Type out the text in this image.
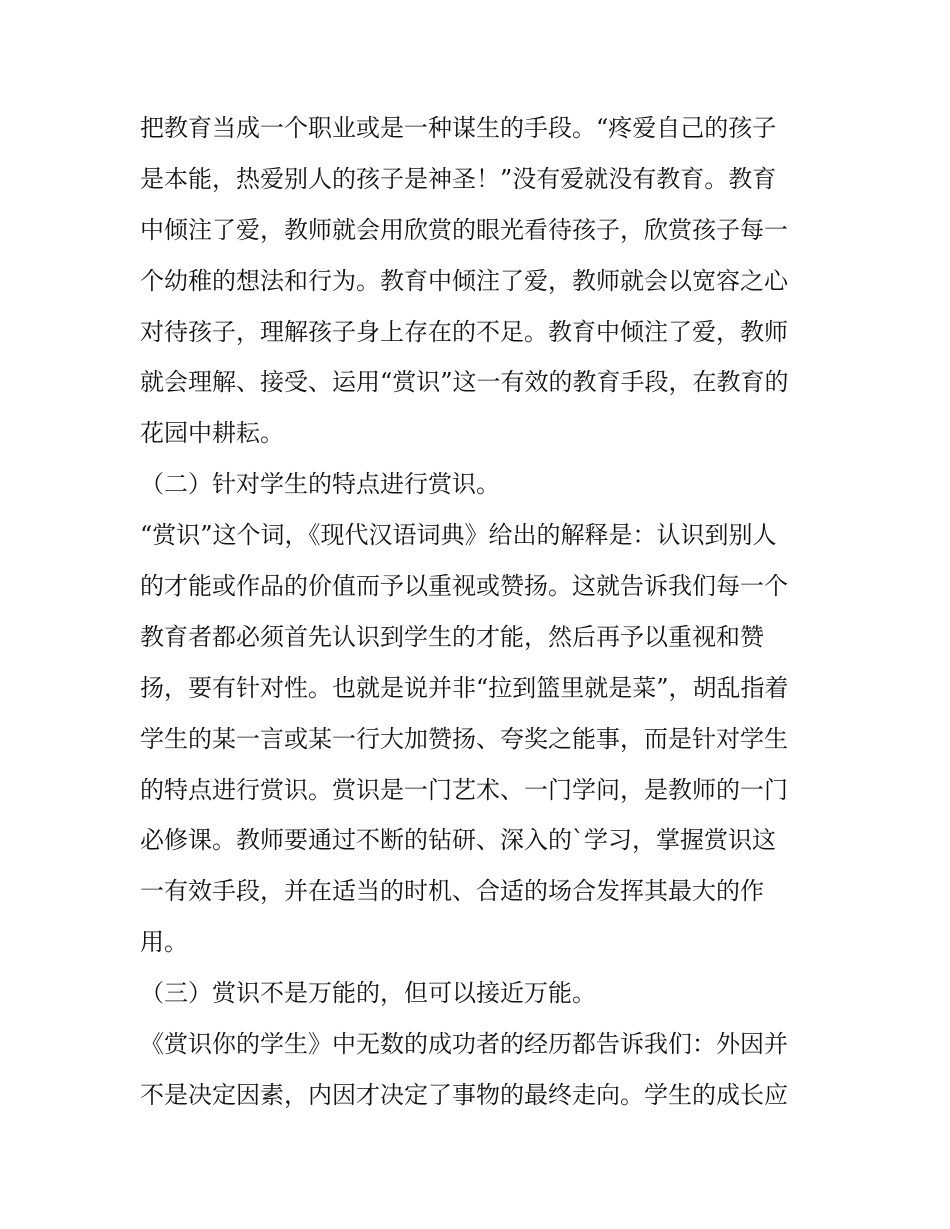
把教育当成一个职业或是一种谋生的手段。“疼爱自己的孩子
是本能，热爱别人的孩子是神圣！”没有爱就没有教育。教育
中倾注了爱，教师就会用欣赏的眼光看待孩子，欣赏孩子每一
个幼稚的想法和行为。教育中倾注了爱，教师就会以宽容之心
对待孩子，理解孩子身上存在的不足。教育中倾注了爱，教师
就会理解、接受、运用“赏识”这一有效的教育手段，在教育的
花园中耕耘。
（二）针对学生的特点进行赏识。
“赏识”这个词，《现代汉语词典》给出的解释是：认识到别人
的才能或作品的价值而予以重视或赞扬。这就告诉我们每一个
教育者都必须首先认识到学生的才能，然后再予以重视和赞
扬，要有针对性。也就是说并非“拉到篮里就是菜”，胡乱指着
学生的某一言或某一行大加赞扬、夸奖之能事，而是针对学生
的特点进行赏识。赏识是一门艺术、一门学问，是教师的一门
必修课。教师要通过不断的钻研、深入的`学习，掌握赏识这
一有效手段，并在适当的时机、合适的场合发挥其最大的作
用。
（三）赏识不是万能的，但可以接近万能。
《赏识你的学生》中无数的成功者的经历都告诉我们：外因并
不是决定因素，内因才决定了事物的最终走向。学生的成长应
